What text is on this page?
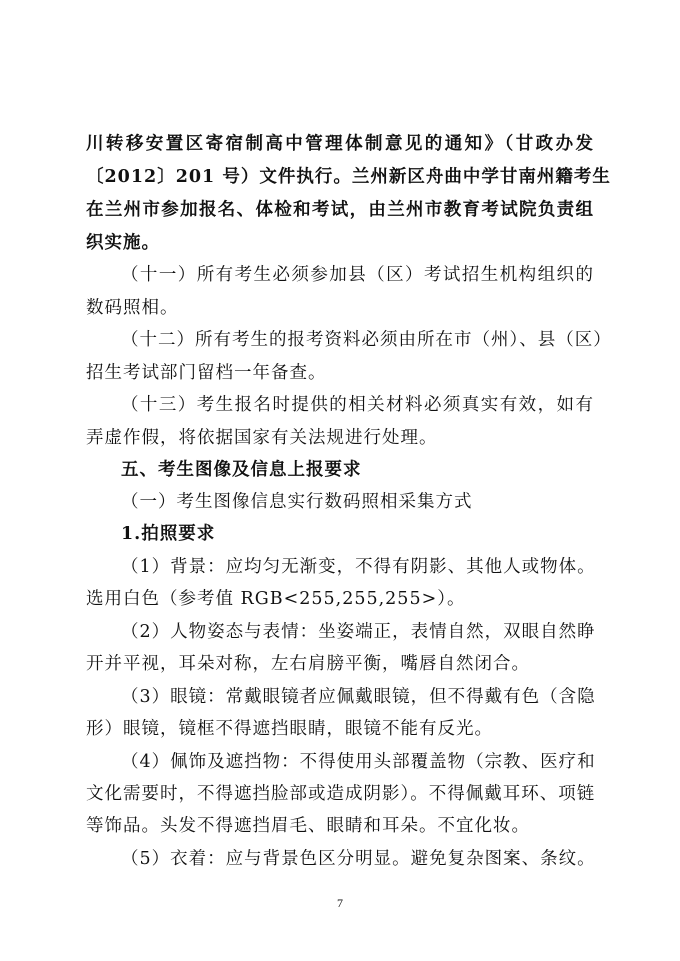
川转移安置区寄宿制高中管理体制意见的通知》（甘政办发
〔2012〕201 号）文件执行。兰州新区舟曲中学甘南州籍考生
在兰州市参加报名、体检和考试，由兰州市教育考试院负责组
织实施。
（十一）所有考生必须参加县（区）考试招生机构组织的
数码照相。
（十二）所有考生的报考资料必须由所在市（州）、县（区）
招生考试部门留档一年备查。
（十三）考生报名时提供的相关材料必须真实有效，如有
弄虚作假，将依据国家有关法规进行处理。
五、考生图像及信息上报要求
（一）考生图像信息实行数码照相采集方式
1.拍照要求
（1）背景：应均匀无渐变，不得有阴影、其他人或物体。
选用白色（参考值 RGB<255,255,255>）。
（2）人物姿态与表情：坐姿端正，表情自然，双眼自然睁
开并平视，耳朵对称，左右肩膀平衡，嘴唇自然闭合。
（3）眼镜：常戴眼镜者应佩戴眼镜，但不得戴有色（含隐
形）眼镜，镜框不得遮挡眼睛，眼镜不能有反光。
（4）佩饰及遮挡物：不得使用头部覆盖物（宗教、医疗和
文化需要时，不得遮挡脸部或造成阴影）。不得佩戴耳环、项链
等饰品。头发不得遮挡眉毛、眼睛和耳朵。不宜化妆。
（5）衣着：应与背景色区分明显。避免复杂图案、条纹。
7
